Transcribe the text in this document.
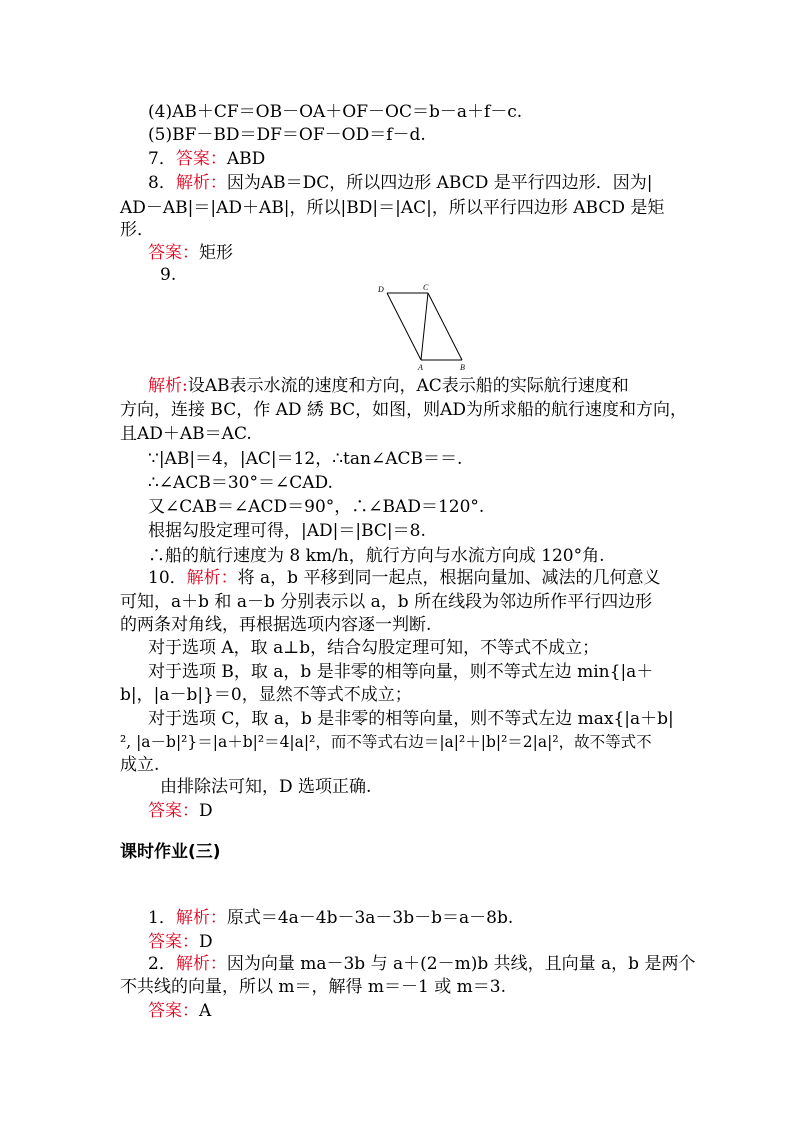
(4)AB＋CF＝OB－OA＋OF－OC＝b－a＋f－c.
(5)BF－BD＝DF＝OF－OD＝f－d.
7．答案：ABD
8．解析：因为AB＝DC，所以四边形 ABCD 是平行四边形．因为|
AD－AB|＝|AD＋AB|，所以|BD|＝|AC|，所以平行四边形 ABCD 是矩
形．
答案：矩形
9.
D	C
A	B
解析:设AB表示水流的速度和方向，AC表示船的实际航行速度和
方向，连接 BC，作 AD 綉 BC，如图，则AD为所求船的航行速度和方向，
且AD＋AB＝AC.
∵|AB|＝4，|AC|＝12，∴tan∠ACB＝＝.
∴∠ACB＝30°＝∠CAD.
又∠CAB＝∠ACD＝90°，∴∠BAD＝120°.
根据勾股定理可得，|AD|＝|BC|＝8.
∴船的航行速度为 8 km/h，航行方向与水流方向成 120°角.
10．解析：将 a，b 平移到同一起点，根据向量加、减法的几何意义
可知，a＋b 和 a－b 分别表示以 a，b 所在线段为邻边所作平行四边形
的两条对角线，再根据选项内容逐一判断.
对于选项 A，取 a⊥b，结合勾股定理可知，不等式不成立；
对于选项 B，取 a，b 是非零的相等向量，则不等式左边 min{|a＋
b|，|a－b|}＝0，显然不等式不成立；
对于选项 C，取 a，b 是非零的相等向量，则不等式左边 max{|a＋b|
², |a－b|²}＝|a＋b|²＝4|a|²，而不等式右边＝|a|²＋|b|²＝2|a|²，故不等式不
成立.
由排除法可知，D 选项正确.
答案：D
课时作业(三)
1．解析：原式＝4a－4b－3a－3b－b＝a－8b.
答案：D
2．解析：因为向量 ma－3b 与 a＋(2－m)b 共线，且向量 a，b 是两个
不共线的向量，所以 m＝，解得 m＝－1 或 m＝3.
答案：A
